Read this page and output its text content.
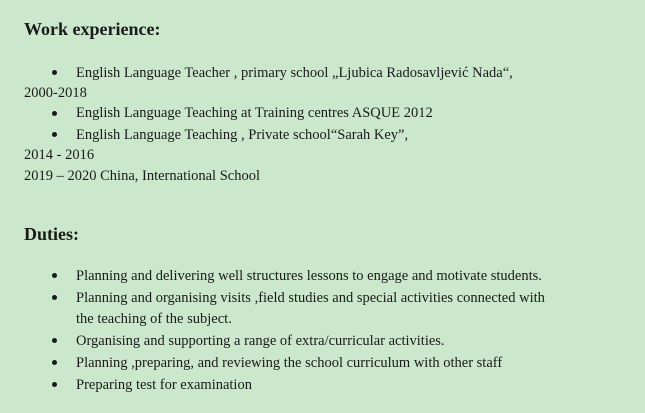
Work experience:
English Language Teacher , primary school „Ljubica Radosavljević Nada“,
2000-2018
English Language Teaching at Training centres ASQUE 2012
English Language Teaching , Private school“Sarah Key”,
2014 - 2016
2019 – 2020 China, International School
Duties:
Planning and delivering well structures lessons to engage and motivate students.
Planning and organising visits ,field studies and special activities connected with
the teaching of the subject.
Organising and supporting a range of extra/curricular activities.
Planning ,preparing, and reviewing the school curriculum with other staff
Preparing test for examination
